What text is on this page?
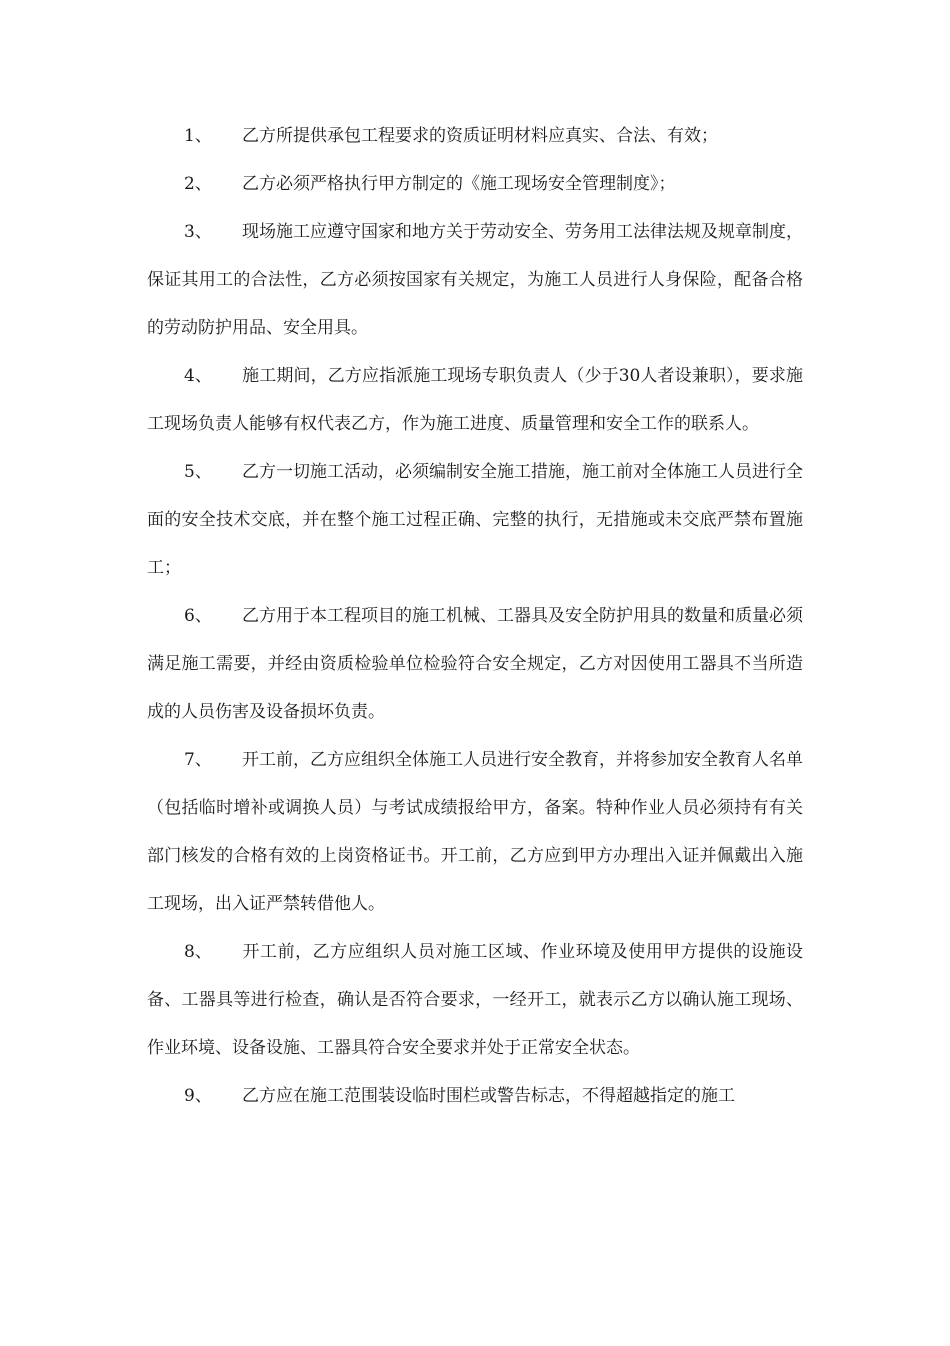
1、 乙方所提供承包工程要求的资质证明材料应真实、合法、有效；

2、 乙方必须严格执行甲方制定的《施工现场安全管理制度》；

3、 现场施工应遵守国家和地方关于劳动安全、劳务用工法律法规及规章制度，保证其用工的合法性，乙方必须按国家有关规定，为施工人员进行人身保险，配备合格的劳动防护用品、安全用具。

4、 施工期间，乙方应指派施工现场专职负责人（少于30人者设兼职），要求施工现场负责人能够有权代表乙方，作为施工进度、质量管理和安全工作的联系人。

5、 乙方一切施工活动，必须编制安全施工措施，施工前对全体施工人员进行全面的安全技术交底，并在整个施工过程正确、完整的执行，无措施或未交底严禁布置施工；

6、 乙方用于本工程项目的施工机械、工器具及安全防护用具的数量和质量必须满足施工需要，并经由资质检验单位检验符合安全规定，乙方对因使用工器具不当所造成的人员伤害及设备损坏负责。

7、 开工前，乙方应组织全体施工人员进行安全教育，并将参加安全教育人名单（包括临时增补或调换人员）与考试成绩报给甲方，备案。特种作业人员必须持有有关部门核发的合格有效的上岗资格证书。开工前，乙方应到甲方办理出入证并佩戴出入施工现场，出入证严禁转借他人。

8、 开工前，乙方应组织人员对施工区域、作业环境及使用甲方提供的设施设备、工器具等进行检查，确认是否符合要求，一经开工，就表示乙方以确认施工现场、作业环境、设备设施、工器具符合安全要求并处于正常安全状态。

9、 乙方应在施工范围装设临时围栏或警告标志，不得超越指定的施工
